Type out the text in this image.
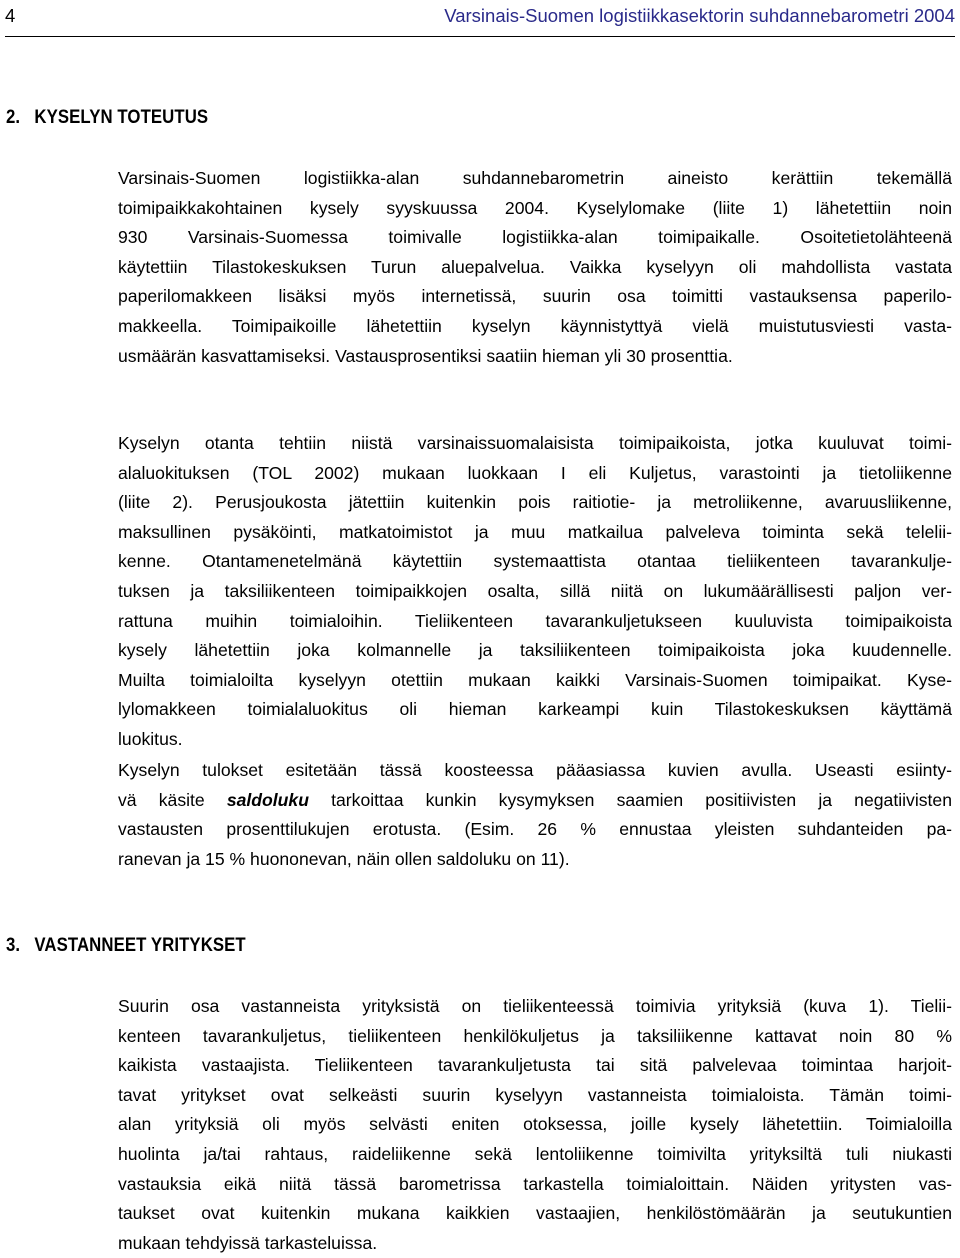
4	Varsinais-Suomen logistiikkasektorin suhdannebarometri 2004
2.   KYSELYN TOTEUTUS
Varsinais-Suomen logistiikka-alan suhdannebarometrin aineisto kerättiin tekemällä
toimipaikkakohtainen kysely syyskuussa 2004. Kyselylomake (liite 1) lähetettiin noin
930 Varsinais-Suomessa toimivalle logistiikka-alan toimipaikalle. Osoitetietolähteenä
käytettiin Tilastokeskuksen Turun aluepalvelua. Vaikka kyselyyn oli mahdollista vastata
paperilomakkeen lisäksi myös internetissä, suurin osa toimitti vastauksensa paperilo-
makkeella. Toimipaikoille lähetettiin kyselyn käynnistyttyä vielä muistutusviesti vasta-
usmäärän kasvattamiseksi. Vastausprosentiksi saatiin hieman yli 30 prosenttia.
Kyselyn otanta tehtiin niistä varsinaissuomalaisista toimipaikoista, jotka kuuluvat toimi-
alaluokituksen (TOL 2002) mukaan luokkaan I eli Kuljetus, varastointi ja tietoliikenne
(liite 2). Perusjoukosta jätettiin kuitenkin pois raitiotie- ja metroliikenne, avaruusliikenne,
maksullinen pysäköinti, matkatoimistot ja muu matkailua palveleva toiminta sekä telelii-
kenne. Otantamenetelmänä käytettiin systemaattista otantaa tieliikenteen tavarankulje-
tuksen ja taksiliikenteen toimipaikkojen osalta, sillä niitä on lukumäärällisesti paljon ver-
rattuna muihin toimialoihin. Tieliikenteen tavarankuljetukseen kuuluvista toimipaikoista
kysely lähetettiin joka kolmannelle ja taksiliikenteen toimipaikoista joka kuudennelle.
Muilta toimialoilta kyselyyn otettiin mukaan kaikki Varsinais-Suomen toimipaikat. Kyse-
lylomakkeen toimialaluokitus oli hieman karkeampi kuin Tilastokeskuksen käyttämä
luokitus.
Kyselyn tulokset esitetään tässä koosteessa pääasiassa kuvien avulla. Useasti esiinty-
vä käsite saldoluku tarkoittaa kunkin kysymyksen saamien positiivisten ja negatiivisten
vastausten prosenttilukujen erotusta. (Esim. 26 % ennustaa yleisten suhdanteiden pa-
ranevan ja 15 % huononevan, näin ollen saldoluku on 11).
3.   VASTANNEET YRITYKSET
Suurin osa vastanneista yrityksistä on tieliikenteessä toimivia yrityksiä (kuva 1). Tielii-
kenteen tavarankuljetus, tieliikenteen henkilökuljetus ja taksiliikenne kattavat noin 80 %
kaikista vastaajista. Tieliikenteen tavarankuljetusta tai sitä palvelevaa toimintaa harjoit-
tavat yritykset ovat selkeästi suurin kyselyyn vastanneista toimialoista. Tämän toimi-
alan yrityksiä oli myös selvästi eniten otoksessa, joille kysely lähetettiin. Toimialoilla
huolinta ja/tai rahtaus, raideliikenne sekä lentoliikenne toimivilta yrityksiltä tuli niukasti
vastauksia eikä niitä tässä barometrissa tarkastella toimialoittain. Näiden yritysten vas-
taukset ovat kuitenkin mukana kaikkien vastaajien, henkilöstömäärän ja seutukuntien
mukaan tehdyissä tarkasteluissa.
